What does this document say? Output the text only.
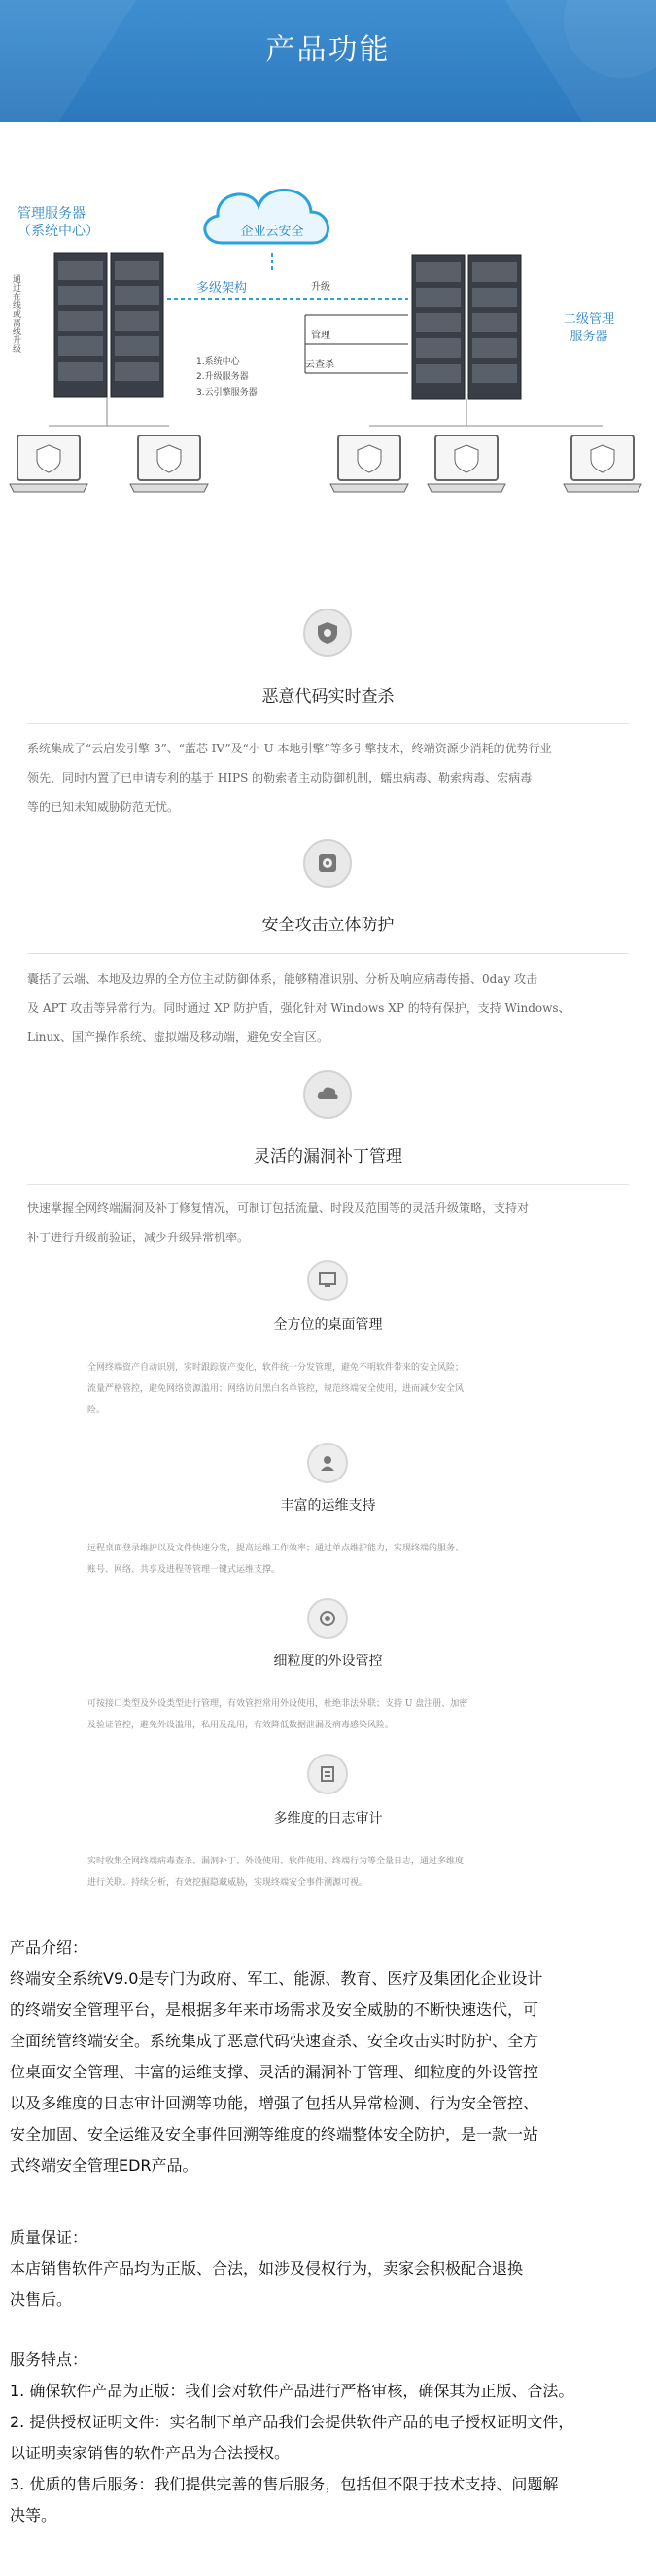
产品功能
企业云安全
管理服务器
（系统中心）
通过在线或离线升级	多级架构	升级
管理
云查杀
1.系统中心
2.升级服务器
3.云引擎服务器
二级管理
服务器
恶意代码实时查杀
系统集成了“云启发引擎 3”、“蓝芯 IV”及“小 U 本地引擎”等多引擎技术，终端资源少消耗的优势行业
领先，同时内置了已申请专利的基于 HIPS 的勒索者主动防御机制，蠕虫病毒、勒索病毒、宏病毒
等的已知未知威胁防范无忧。
安全攻击立体防护
囊括了云端、本地及边界的全方位主动防御体系，能够精准识别、分析及响应病毒传播、0day 攻击
及 APT 攻击等异常行为。同时通过 XP 防护盾，强化针对 Windows XP 的特有保护，支持 Windows、
Linux、国产操作系统、虚拟端及移动端，避免安全盲区。
灵活的漏洞补丁管理
快速掌握全网终端漏洞及补丁修复情况，可制订包括流量、时段及范围等的灵活升级策略，支持对
补丁进行升级前验证，减少升级异常机率。
全方位的桌面管理
全网终端资产自动识别，实时跟踪资产变化，软件统一分发管理，避免不明软件带来的安全风险；
流量严格管控，避免网络资源滥用；网络访问黑白名单管控，规范终端安全使用，进而减少安全风
险。
丰富的运维支持
远程桌面登录维护以及文件快速分发，提高运维工作效率；通过单点维护能力，实现终端的服务、
账号、网络、共享及进程等管理一键式运维支撑。
细粒度的外设管控
可按接口类型及外设类型进行管理，有效管控常用外设使用，杜绝非法外联；支持 U 盘注册、加密
及验证管控，避免外设滥用，私用及乱用，有效降低数据泄漏及病毒感染风险。
多维度的日志审计
实时收集全网终端病毒查杀、漏洞补丁、外设使用、软件使用、终端行为等全量日志，通过多维度
进行关联、持续分析，有效挖掘隐藏威胁，实现终端安全事件溯源可视。
产品介绍：
终端安全系统V9.0是专门为政府、军工、能源、教育、医疗及集团化企业设计
的终端安全管理平台，是根据多年来市场需求及安全威胁的不断快速迭代，可
全面统管终端安全。系统集成了恶意代码快速查杀、安全攻击实时防护、全方
位桌面安全管理、丰富的运维支撑、灵活的漏洞补丁管理、细粒度的外设管控
以及多维度的日志审计回溯等功能，增强了包括从异常检测、行为安全管控、
安全加固、安全运维及安全事件回溯等维度的终端整体安全防护，是一款一站
式终端安全管理EDR产品。
质量保证：
本店销售软件产品均为正版、合法，如涉及侵权行为，卖家会积极配合退换
决售后。
服务特点：
1. 确保软件产品为正版：我们会对软件产品进行严格审核，确保其为正版、合法。
2. 提供授权证明文件：实名制下单产品我们会提供软件产品的电子授权证明文件，
以证明卖家销售的软件产品为合法授权。
3. 优质的售后服务：我们提供完善的售后服务，包括但不限于技术支持、问题解
决等。
